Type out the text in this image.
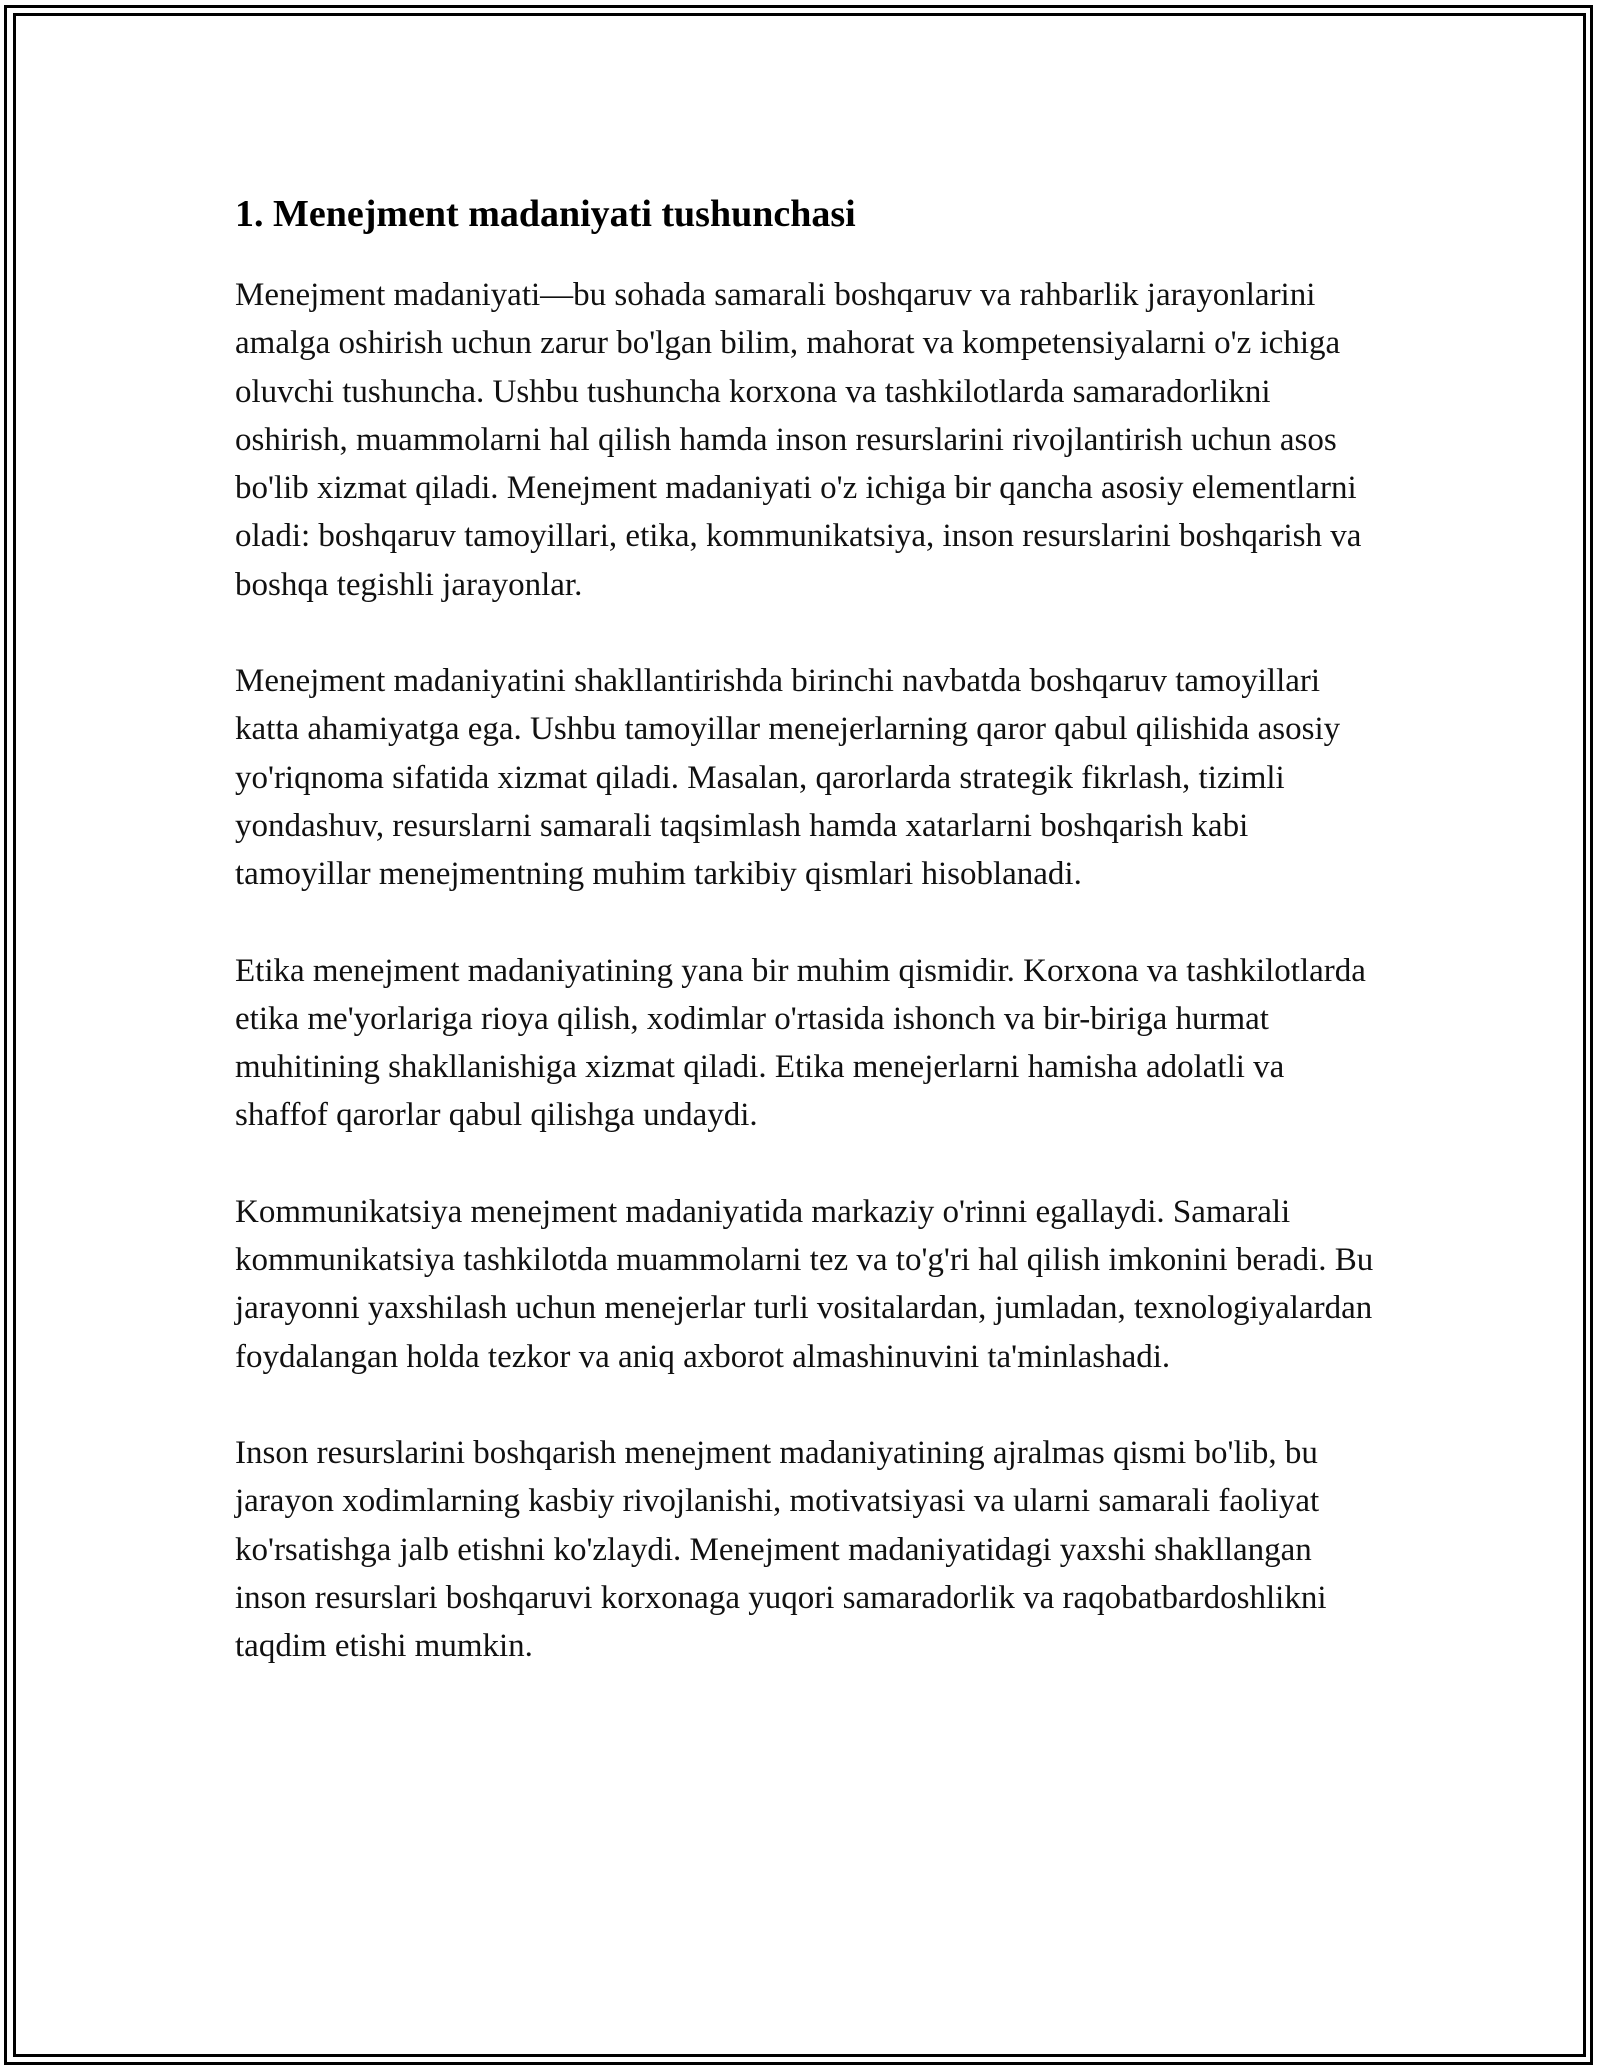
1. Menejment madaniyati tushunchasi

Menejment madaniyati—bu sohada samarali boshqaruv va rahbarlik jarayonlarini amalga oshirish uchun zarur bo'lgan bilim, mahorat va kompetensiyalarni o'z ichiga oluvchi tushuncha. Ushbu tushuncha korxona va tashkilotlarda samaradorlikni oshirish, muammolarni hal qilish hamda inson resurslarini rivojlantirish uchun asos bo'lib xizmat qiladi. Menejment madaniyati o'z ichiga bir qancha asosiy elementlarni oladi: boshqaruv tamoyillari, etika, kommunikatsiya, inson resurslarini boshqarish va boshqa tegishli jarayonlar.

Menejment madaniyatini shakllantirishda birinchi navbatda boshqaruv tamoyillari katta ahamiyatga ega. Ushbu tamoyillar menejerlarning qaror qabul qilishida asosiy yo'riqnoma sifatida xizmat qiladi. Masalan, qarorlarda strategik fikrlash, tizimli yondashuv, resurslarni samarali taqsimlash hamda xatarlarni boshqarish kabi tamoyillar menejmentning muhim tarkibiy qismlari hisoblanadi.

Etika menejment madaniyatining yana bir muhim qismidir. Korxona va tashkilotlarda etika me'yorlariga rioya qilish, xodimlar o'rtasida ishonch va bir-biriga hurmat muhitining shakllanishiga xizmat qiladi. Etika menejerlarni hamisha adolatli va shaffof qarorlar qabul qilishga undaydi.

Kommunikatsiya menejment madaniyatida markaziy o'rinni egallaydi. Samarali kommunikatsiya tashkilotda muammolarni tez va to'g'ri hal qilish imkonini beradi. Bu jarayonni yaxshilash uchun menejerlar turli vositalardan, jumladan, texnologiyalardan foydalangan holda tezkor va aniq axborot almashinuvini ta'minlashadi.

Inson resurslarini boshqarish menejment madaniyatining ajralmas qismi bo'lib, bu jarayon xodimlarning kasbiy rivojlanishi, motivatsiyasi va ularni samarali faoliyat ko'rsatishga jalb etishni ko'zlaydi. Menejment madaniyatidagi yaxshi shakllangan inson resurslari boshqaruvi korxonaga yuqori samaradorlik va raqobatbardoshlikni taqdim etishi mumkin.
